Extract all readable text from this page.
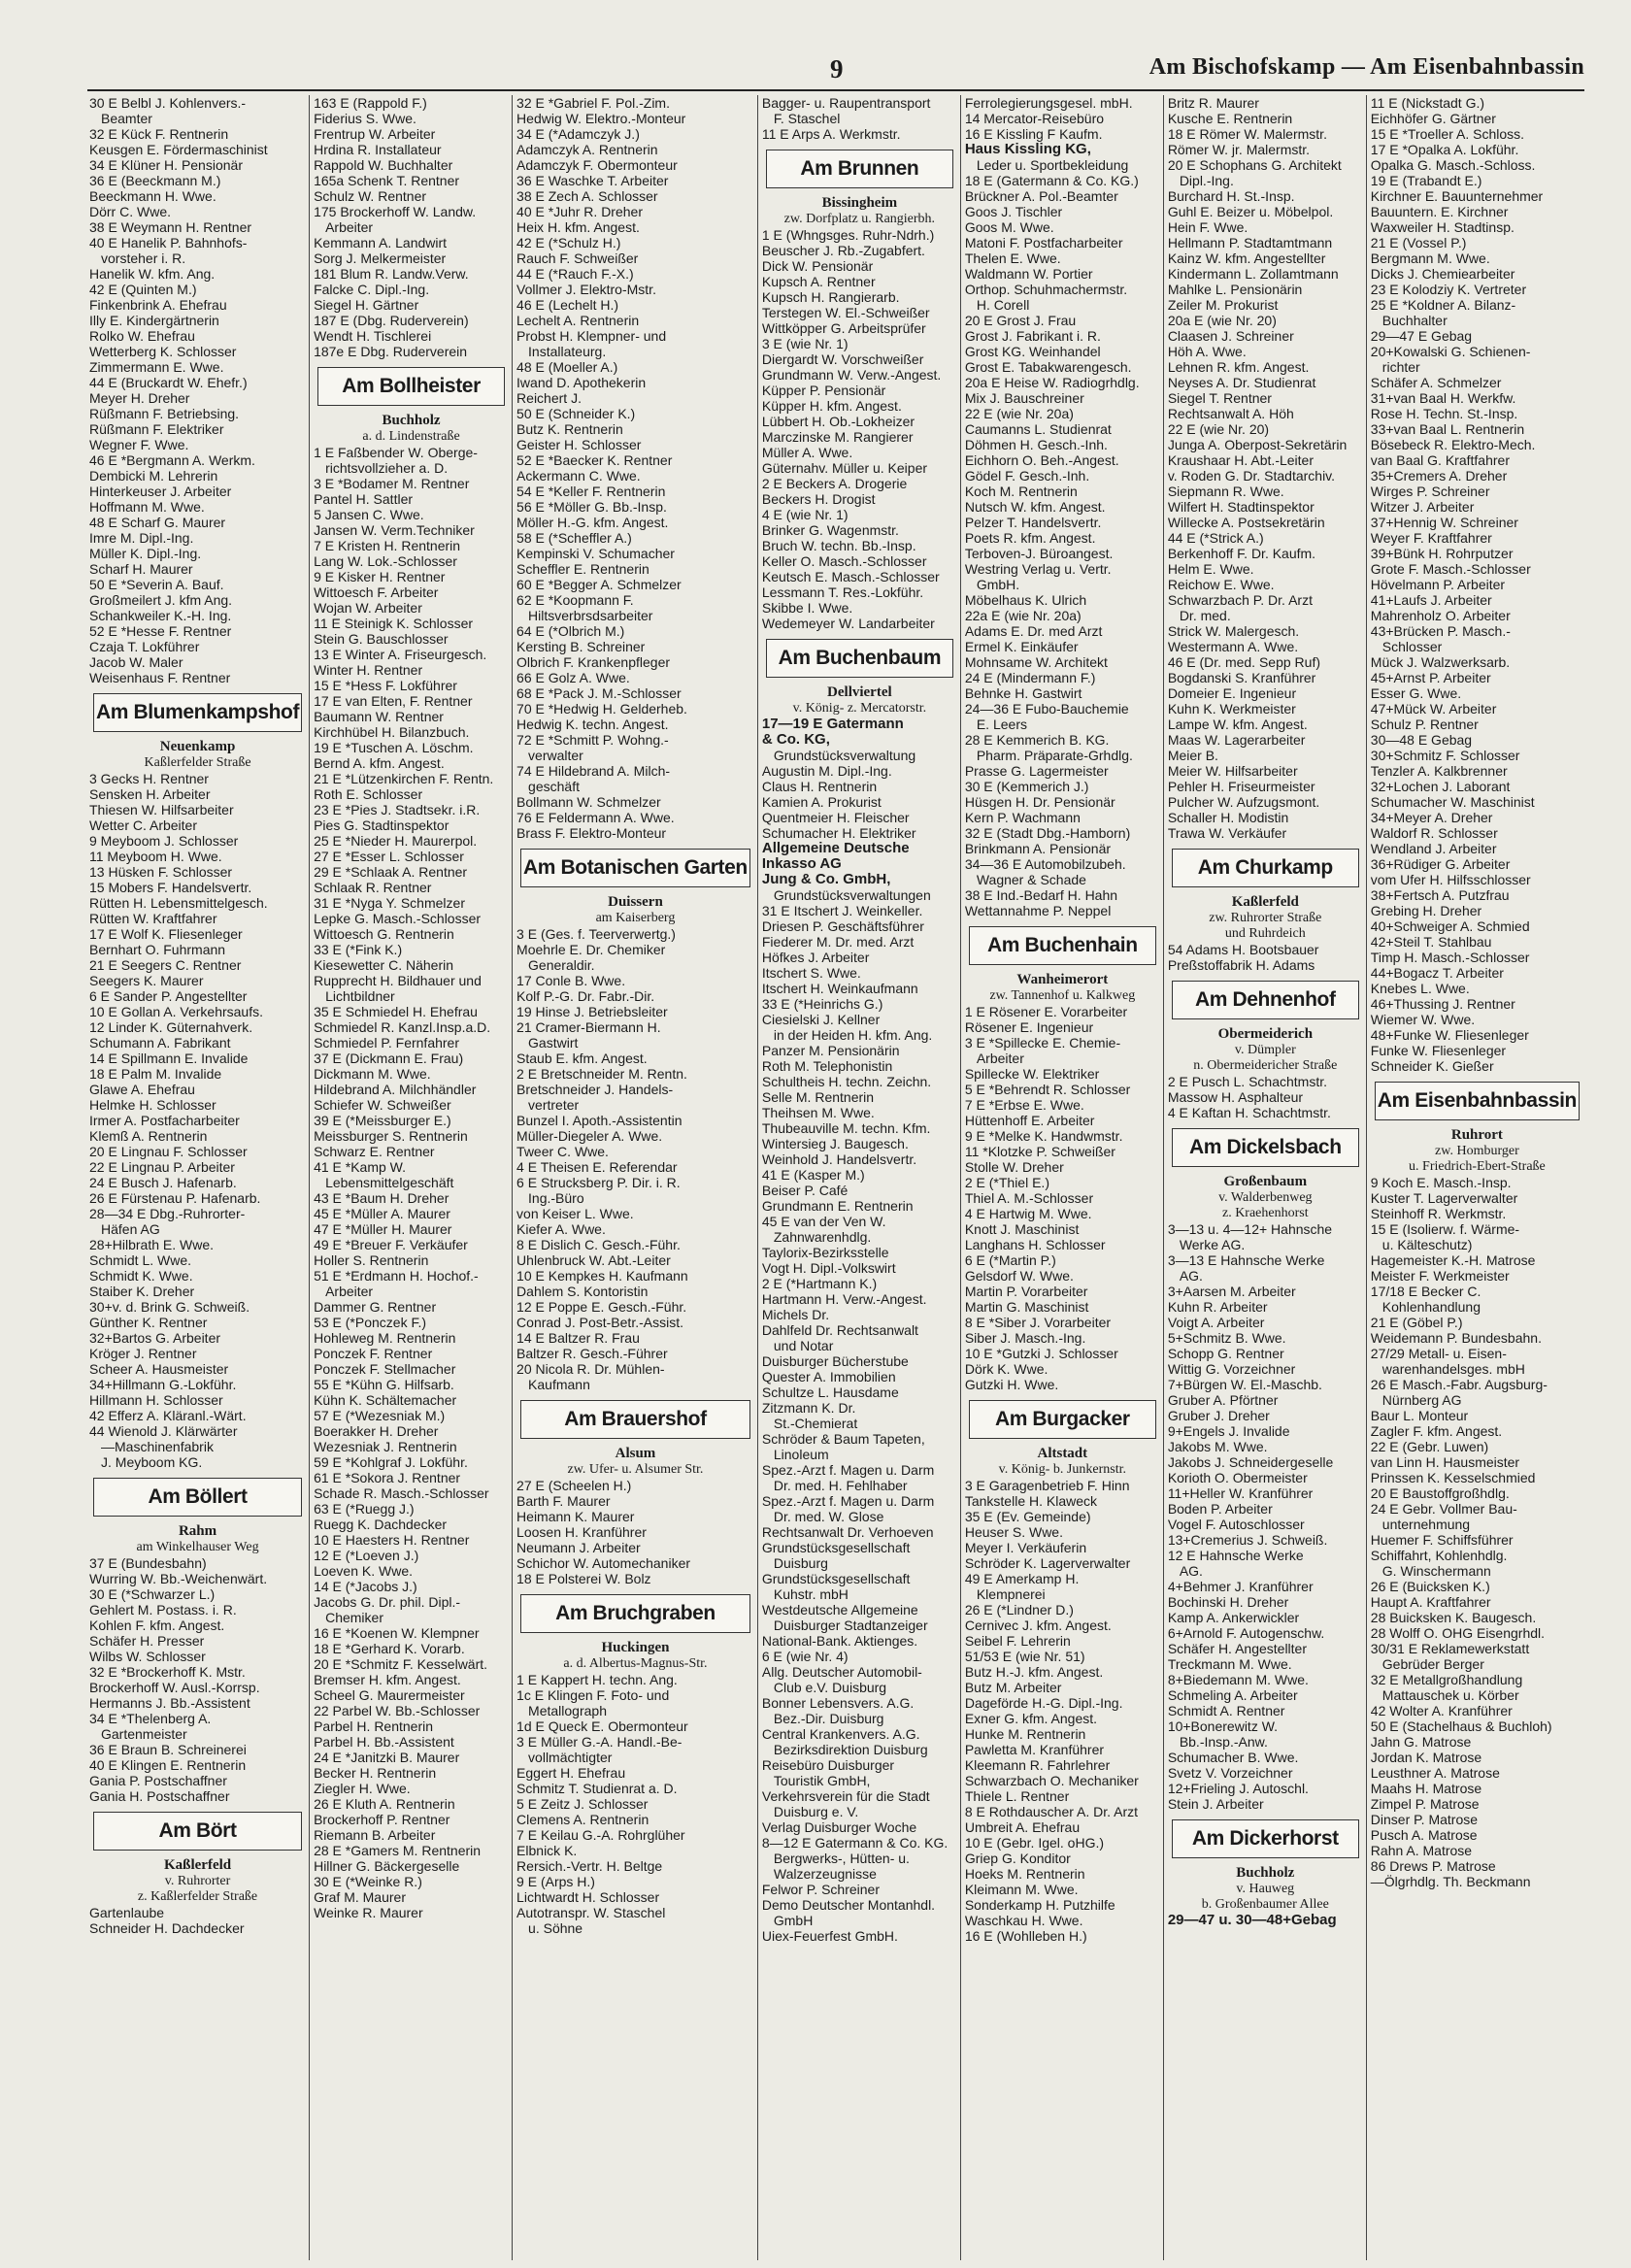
9	Am Bischofskamp — Am Eisenbahnbassin
30 E Belbl J. Kohlenvers.-
Beamter
32 E Kück F. Rentnerin
Keusgen E. Fördermaschinist
34 E Klüner H. Pensionär
36 E (Beeckmann M.)
Beeckmann H. Wwe.
Dörr C. Wwe.
38 E Weymann H. Rentner
40 E Hanelik P. Bahnhofs-
vorsteher i. R.
Hanelik W. kfm. Ang.
42 E (Quinten M.)
Finkenbrink A. Ehefrau
Illy E. Kindergärtnerin
Rolko W. Ehefrau
Wetterberg K. Schlosser
Zimmermann E. Wwe.
44 E (Bruckardt W. Ehefr.)
Meyer H. Dreher
Rüßmann F. Betriebsing.
Rüßmann F. Elektriker
Wegner F. Wwe.
46 E *Bergmann A. Werkm.
Dembicki M. Lehrerin
Hinterkeuser J. Arbeiter
Hoffmann M. Wwe.
48 E Scharf G. Maurer
Imre M. Dipl.-Ing.
Müller K. Dipl.-Ing.
Scharf H. Maurer
50 E *Severin A. Bauf.
Großmeilert J. kfm Ang.
Schankweiler K.-H. Ing.
52 E *Hesse F. Rentner
Czaja T. Lokführer
Jacob W. Maler
Weisenhaus F. Rentner
Am Blumenkampshof
Neuenkamp
Kaßlerfelder Straße
3 Gecks H. Rentner
Sensken H. Arbeiter
Thiesen W. Hilfsarbeiter
Wetter C. Arbeiter
9 Meyboom J. Schlosser
11 Meyboom H. Wwe.
13 Hüsken F. Schlosser
15 Mobers F. Handelsvertr.
Rütten H. Lebensmittelgesch.
Rütten W. Kraftfahrer
17 E Wolf K. Fliesenleger
Bernhart O. Fuhrmann
21 E Seegers C. Rentner
Seegers K. Maurer
6 E Sander P. Angestellter
10 E Gollan A. Verkehrsaufs.
12 Linder K. Güternahverk.
Schumann A. Fabrikant
14 E Spillmann E. Invalide
18 E Palm M. Invalide
Glawe A. Ehefrau
Helmke H. Schlosser
Irmer A. Postfacharbeiter
Klemß A. Rentnerin
20 E Lingnau F. Schlosser
22 E Lingnau P. Arbeiter
24 E Busch J. Hafenarb.
26 E Fürstenau P. Hafenarb.
28—34 E Dbg.-Ruhrorter-
Häfen AG
28+Hilbrath E. Wwe.
Schmidt L. Wwe.
Schmidt K. Wwe.
Staiber K. Dreher
30+v. d. Brink G. Schweiß.
Günther K. Rentner
32+Bartos G. Arbeiter
Kröger J. Rentner
Scheer A. Hausmeister
34+Hillmann G.-Lokführ.
Hillmann H. Schlosser
42 Efferz A. Kläranl.-Wärt.
44 Wienold J. Klärwärter
—Maschinenfabrik
J. Meyboom KG.
Am Böllert
Rahm
am Winkelhauser Weg
37 E (Bundesbahn)
Wurring W. Bb.-Weichenwärt.
30 E (*Schwarzer L.)
Gehlert M. Postass. i. R.
Kohlen F. kfm. Angest.
Schäfer H. Presser
Wilbs W. Schlosser
32 E *Brockerhoff K. Mstr.
Brockerhoff W. Ausl.-Korrsp.
Hermanns J. Bb.-Assistent
34 E *Thelenberg A.
Gartenmeister
36 E Braun B. Schreinerei
40 E Klingen E. Rentnerin
Gania P. Postschaffner
Gania H. Postschaffner
Am Bört
Kaßlerfeld
v. Ruhrorter
z. Kaßlerfelder Straße
Gartenlaube
Schneider H. Dachdecker
163 E (Rappold F.)
Fiderius S. Wwe.
Frentrup W. Arbeiter
Hrdina R. Installateur
Rappold W. Buchhalter
165a Schenk T. Rentner
Schulz W. Rentner
175 Brockerhoff W. Landw.
Arbeiter
Kemmann A. Landwirt
Sorg J. Melkermeister
181 Blum R. Landw.Verw.
Falcke C. Dipl.-Ing.
Siegel H. Gärtner
187 E (Dbg. Ruderverein)
Wendt H. Tischlerei
187e E Dbg. Ruderverein
Am Bollheister
Buchholz
a. d. Lindenstraße
1 E Faßbender W. Oberge-
richtsvollzieher a. D.
3 E *Bodamer M. Rentner
Pantel H. Sattler
5 Jansen C. Wwe.
Jansen W. Verm.Techniker
7 E Kristen H. Rentnerin
Lang W. Lok.-Schlosser
9 E Kisker H. Rentner
Wittoesch F. Arbeiter
Wojan W. Arbeiter
11 E Steinigk K. Schlosser
Stein G. Bauschlosser
13 E Winter A. Friseurgesch.
Winter H. Rentner
15 E *Hess F. Lokführer
17 E van Elten, F. Rentner
Baumann W. Rentner
Kirchhübel H. Bilanzbuch.
19 E *Tuschen A. Löschm.
Bernd A. kfm. Angest.
21 E *Lützenkirchen F. Rentn.
Roth E. Schlosser
23 E *Pies J. Stadtsekr. i.R.
Pies G. Stadtinspektor
25 E *Nieder H. Maurerpol.
27 E *Esser L. Schlosser
29 E *Schlaak A. Rentner
Schlaak R. Rentner
31 E *Nyga Y. Schmelzer
Lepke G. Masch.-Schlosser
Wittoesch G. Rentnerin
33 E (*Fink K.)
Kiesewetter C. Näherin
Rupprecht H. Bildhauer und
Lichtbildner
35 E Schmiedel H. Ehefrau
Schmiedel R. Kanzl.Insp.a.D.
Schmiedel P. Fernfahrer
37 E (Dickmann E. Frau)
Dickmann M. Wwe.
Hildebrand A. Milchhändler
Schiefer W. Schweißer
39 E (*Meissburger E.)
Meissburger S. Rentnerin
Schwarz E. Rentner
41 E *Kamp W.
Lebensmittelgeschäft
43 E *Baum H. Dreher
45 E *Müller A. Maurer
47 E *Müller H. Maurer
49 E *Breuer F. Verkäufer
Holler S. Rentnerin
51 E *Erdmann H. Hochof.-
Arbeiter
Dammer G. Rentner
53 E (*Ponczek F.)
Hohleweg M. Rentnerin
Ponczek F. Rentner
Ponczek F. Stellmacher
55 E *Kühn G. Hilfsarb.
Kühn K. Schältemacher
57 E (*Wezesniak M.)
Boerakker H. Dreher
Wezesniak J. Rentnerin
59 E *Kohlgraf J. Lokführ.
61 E *Sokora J. Rentner
Schade R. Masch.-Schlosser
63 E (*Ruegg J.)
Ruegg K. Dachdecker
10 E Haesters H. Rentner
12 E (*Loeven J.)
Loeven K. Wwe.
14 E (*Jacobs J.)
Jacobs G. Dr. phil. Dipl.-
Chemiker
16 E *Koenen W. Klempner
18 E *Gerhard K. Vorarb.
20 E *Schmitz F. Kesselwärt.
Bremser H. kfm. Angest.
Scheel G. Maurermeister
22 Parbel W. Bb.-Schlosser
Parbel H. Rentnerin
Parbel H. Bb.-Assistent
24 E *Janitzki B. Maurer
Becker H. Rentnerin
Ziegler H. Wwe.
26 E Kluth A. Rentnerin
Brockerhoff P. Rentner
Riemann B. Arbeiter
28 E *Gamers M. Rentnerin
Hillner G. Bäckergeselle
30 E (*Weinke R.)
Graf M. Maurer
Weinke R. Maurer
32 E *Gabriel F. Pol.-Zim.
Hedwig W. Elektro.-Monteur
34 E (*Adamczyk J.)
Adamczyk A. Rentnerin
Adamczyk F. Obermonteur
36 E Waschke T. Arbeiter
38 E Zech A. Schlosser
40 E *Juhr R. Dreher
Heix H. kfm. Angest.
42 E (*Schulz H.)
Rauch F. Schweißer
44 E (*Rauch F.-X.)
Vollmer J. Elektro-Mstr.
46 E (Lechelt H.)
Lechelt A. Rentnerin
Probst H. Klempner- und
Installateurg.
48 E (Moeller A.)
Iwand D. Apothekerin
Reichert J.
50 E (Schneider K.)
Butz K. Rentnerin
Geister H. Schlosser
52 E *Baecker K. Rentner
Ackermann C. Wwe.
54 E *Keller F. Rentnerin
56 E *Möller G. Bb.-Insp.
Möller H.-G. kfm. Angest.
58 E (*Scheffler A.)
Kempinski V. Schumacher
Scheffler E. Rentnerin
60 E *Begger A. Schmelzer
62 E *Koopmann F.
Hiltsverbrsdsarbeiter
64 E (*Olbrich M.)
Kersting B. Schreiner
Olbrich F. Krankenpfleger
66 E Golz A. Wwe.
68 E *Pack J. M.-Schlosser
70 E *Hedwig H. Gelderheb.
Hedwig K. techn. Angest.
72 E *Schmitt P. Wohng.-
verwalter
74 E Hildebrand A. Milch-
geschäft
Bollmann W. Schmelzer
76 E Feldermann A. Wwe.
Brass F. Elektro-Monteur
Am Botanischen Garten
Duissern
am Kaiserberg
3 E (Ges. f. Teerverwertg.)
Moehrle E. Dr. Chemiker
Generaldir.
17 Conle B. Wwe.
Kolf P.-G. Dr. Fabr.-Dir.
19 Hinse J. Betriebsleiter
21 Cramer-Biermann H.
Gastwirt
Staub E. kfm. Angest.
2 E Bretschneider M. Rentn.
Bretschneider J. Handels-
vertreter
Bunzel I. Apoth.-Assistentin
Müller-Diegeler A. Wwe.
Tweer C. Wwe.
4 E Theisen E. Referendar
6 E Strucksberg P. Dir. i. R.
Ing.-Büro
von Keiser L. Wwe.
Kiefer A. Wwe.
8 E Dislich C. Gesch.-Führ.
Uhlenbruck W. Abt.-Leiter
10 E Kempkes H. Kaufmann
Dahlem S. Kontoristin
12 E Poppe E. Gesch.-Führ.
Conrad J. Post-Betr.-Assist.
14 E Baltzer R. Frau
Baltzer R. Gesch.-Führer
20 Nicola R. Dr. Mühlen-
Kaufmann
Am Brauershof
Alsum
zw. Ufer- u. Alsumer Str.
27 E (Scheelen H.)
Barth F. Maurer
Heimann K. Maurer
Loosen H. Kranführer
Neumann J. Arbeiter
Schichor W. Automechaniker
18 E Polsterei W. Bolz
Am Bruchgraben
Huckingen
a. d. Albertus-Magnus-Str.
1 E Kappert H. techn. Ang.
1c E Klingen F. Foto- und
Metallograph
1d E Queck E. Obermonteur
3 E Müller G.-A. Handl.-Be-
vollmächtigter
Eggert H. Ehefrau
Schmitz T. Studienrat a. D.
5 E Zeitz J. Schlosser
Clemens A. Rentnerin
7 E Keilau G.-A. Rohrglüher
Elbnick K.
Rersich.-Vertr. H. Beltge
9 E (Arps H.)
Lichtwardt H. Schlosser
Autotranspr. W. Staschel
u. Söhne
Bagger- u. Raupentransport
F. Staschel
11 E Arps A. Werkmstr.
Am Brunnen
Bissingheim
zw. Dorfplatz u. Rangierbh.
1 E (Whngsges. Ruhr-Ndrh.)
Beuscher J. Rb.-Zugabfert.
Dick W. Pensionär
Kupsch A. Rentner
Kupsch H. Rangierarb.
Terstegen W. El.-Schweißer
Wittköpper G. Arbeitsprüfer
3 E (wie Nr. 1)
Diergardt W. Vorschweißer
Grundmann W. Verw.-Angest.
Küpper P. Pensionär
Küpper H. kfm. Angest.
Lübbert H. Ob.-Lokheizer
Marczinske M. Rangierer
Müller A. Wwe.
Güternahv. Müller u. Keiper
2 E Beckers A. Drogerie
Beckers H. Drogist
4 E (wie Nr. 1)
Brinker G. Wagenmstr.
Bruch W. techn. Bb.-Insp.
Keller O. Masch.-Schlosser
Keutsch E. Masch.-Schlosser
Lessmann T. Res.-Lokführ.
Skibbe I. Wwe.
Wedemeyer W. Landarbeiter
Am Buchenbaum
Dellviertel
v. König- z. Mercatorstr.
17—19 E Gatermann
& Co. KG,
Grundstücksverwaltung
Augustin M. Dipl.-Ing.
Claus H. Rentnerin
Kamien A. Prokurist
Quentmeier H. Fleischer
Schumacher H. Elektriker
Allgemeine Deutsche
Inkasso AG
Jung & Co. GmbH,
Grundstücksverwaltungen
31 E Itschert J. Weinkeller.
Driesen P. Geschäftsführer
Fiederer M. Dr. med. Arzt
Höfkes J. Arbeiter
Itschert S. Wwe.
Itschert H. Weinkaufmann
33 E (*Heinrichs G.)
Ciesielski J. Kellner
in der Heiden H. kfm. Ang.
Panzer M. Pensionärin
Roth M. Telephonistin
Schultheis H. techn. Zeichn.
Selle M. Rentnerin
Theihsen M. Wwe.
Thubeauville M. techn. Kfm.
Wintersieg J. Baugesch.
Weinhold J. Handelsvertr.
41 E (Kasper M.)
Beiser P. Café
Grundmann E. Rentnerin
45 E van der Ven W.
Zahnwarenhdlg.
Taylorix-Bezirksstelle
Vogt H. Dipl.-Volkswirt
2 E (*Hartmann K.)
Hartmann H. Verw.-Angest.
Michels Dr.
Dahlfeld Dr. Rechtsanwalt
und Notar
Duisburger Bücherstube
Quester A. Immobilien
Schultze L. Hausdame
Zitzmann K. Dr.
St.-Chemierat
Schröder & Baum Tapeten,
Linoleum
Spez.-Arzt f. Magen u. Darm
Dr. med. H. Fehlhaber
Spez.-Arzt f. Magen u. Darm
Dr. med. W. Glose
Rechtsanwalt Dr. Verhoeven
Grundstücksgesellschaft
Duisburg
Grundstücksgesellschaft
Kuhstr. mbH
Westdeutsche Allgemeine
Duisburger Stadtanzeiger
National-Bank. Aktienges.
6 E (wie Nr. 4)
Allg. Deutscher Automobil-
Club e.V. Duisburg
Bonner Lebensvers. A.G.
Bez.-Dir. Duisburg
Central Krankenvers. A.G.
Bezirksdirektion Duisburg
Reisebüro Duisburger
Touristik GmbH,
Verkehrsverein für die Stadt
Duisburg e. V.
Verlag Duisburger Woche
8—12 E Gatermann & Co. KG.
Bergwerks-, Hütten- u.
Walzerzeugnisse
Felwor P. Schreiner
Demo Deutscher Montanhdl.
GmbH
Uiex-Feuerfest GmbH.
Ferrolegierungsgesel. mbH.
14 Mercator-Reisebüro
16 E Kissling F Kaufm.
Haus Kissling KG,
Leder u. Sportbekleidung
18 E (Gatermann & Co. KG.)
Brückner A. Pol.-Beamter
Goos J. Tischler
Goos M. Wwe.
Matoni F. Postfacharbeiter
Thelen E. Wwe.
Waldmann W. Portier
Orthop. Schuhmachermstr.
H. Corell
20 E Grost J. Frau
Grost J. Fabrikant i. R.
Grost KG. Weinhandel
Grost E. Tabakwarengesch.
20a E Heise W. Radiogrhdlg.
Mix J. Bauschreiner
22 E (wie Nr. 20a)
Caumanns L. Studienrat
Döhmen H. Gesch.-Inh.
Eichhorn O. Beh.-Angest.
Gödel F. Gesch.-Inh.
Koch M. Rentnerin
Nutsch W. kfm. Angest.
Pelzer T. Handelsvertr.
Poets R. kfm. Angest.
Terboven-J. Büroangest.
Westring Verlag u. Vertr.
GmbH.
Möbelhaus K. Ulrich
22a E (wie Nr. 20a)
Adams E. Dr. med Arzt
Ermel K. Einkäufer
Mohnsame W. Architekt
24 E (Mindermann F.)
Behnke H. Gastwirt
24—36 E Fubo-Bauchemie
E. Leers
28 E Kemmerich B. KG.
Pharm. Präparate-Grhdlg.
Prasse G. Lagermeister
30 E (Kemmerich J.)
Hüsgen H. Dr. Pensionär
Kern P. Wachmann
32 E (Stadt Dbg.-Hamborn)
Brinkmann A. Pensionär
34—36 E Automobilzubeh.
Wagner & Schade
38 E Ind.-Bedarf H. Hahn
Wettannahme P. Neppel
Am Buchenhain
Wanheimerort
zw. Tannenhof u. Kalkweg
1 E Rösener E. Vorarbeiter
Rösener E. Ingenieur
3 E *Spillecke E. Chemie-
Arbeiter
Spillecke W. Elektriker
5 E *Behrendt R. Schlosser
7 E *Erbse E. Wwe.
Hüttenhoff E. Arbeiter
9 E *Melke K. Handwmstr.
11 *Klotzke P. Schweißer
Stolle W. Dreher
2 E (*Thiel E.)
Thiel A. M.-Schlosser
4 E Hartwig M. Wwe.
Knott J. Maschinist
Langhans H. Schlosser
6 E (*Martin P.)
Gelsdorf W. Wwe.
Martin P. Vorarbeiter
Martin G. Maschinist
8 E *Siber J. Vorarbeiter
Siber J. Masch.-Ing.
10 E *Gutzki J. Schlosser
Dörk K. Wwe.
Gutzki H. Wwe.
Am Burgacker
Altstadt
v. König- b. Junkernstr.
3 E Garagenbetrieb F. Hinn
Tankstelle H. Klaweck
35 E (Ev. Gemeinde)
Heuser S. Wwe.
Meyer I. Verkäuferin
Schröder K. Lagerverwalter
49 E Amerkamp H.
Klempnerei
26 E (*Lindner D.)
Cernivec J. kfm. Angest.
Seibel F. Lehrerin
51/53 E (wie Nr. 51)
Butz H.-J. kfm. Angest.
Butz M. Arbeiter
Dageförde H.-G. Dipl.-Ing.
Exner G. kfm. Angest.
Hunke M. Rentnerin
Pawletta M. Kranführer
Kleemann R. Fahrlehrer
Schwarzbach O. Mechaniker
Thiele L. Rentner
8 E Rothdauscher A. Dr. Arzt
Umbreit A. Ehefrau
10 E (Gebr. Igel. oHG.)
Griep G. Konditor
Hoeks M. Rentnerin
Kleimann M. Wwe.
Sonderkamp H. Putzhilfe
Waschkau H. Wwe.
16 E (Wohlleben H.)
Britz R. Maurer
Kusche E. Rentnerin
18 E Römer W. Malermstr.
Römer W. jr. Malermstr.
20 E Schophans G. Architekt
Dipl.-Ing.
Burchard H. St.-Insp.
Guhl E. Beizer u. Möbelpol.
Hein F. Wwe.
Hellmann P. Stadtamtmann
Kainz W. kfm. Angestellter
Kindermann L. Zollamtmann
Mahlke L. Pensionärin
Zeiler M. Prokurist
20a E (wie Nr. 20)
Claasen J. Schreiner
Höh A. Wwe.
Lehnen R. kfm. Angest.
Neyses A. Dr. Studienrat
Siegel T. Rentner
Rechtsanwalt A. Höh
22 E (wie Nr. 20)
Junga A. Oberpost-Sekretärin
Kraushaar H. Abt.-Leiter
v. Roden G. Dr. Stadtarchiv.
Siepmann R. Wwe.
Wilfert H. Stadtinspektor
Willecke A. Postsekretärin
44 E (*Strick A.)
Berkenhoff F. Dr. Kaufm.
Helm E. Wwe.
Reichow E. Wwe.
Schwarzbach P. Dr. Arzt
Dr. med.
Strick W. Malergesch.
Westermann A. Wwe.
46 E (Dr. med. Sepp Ruf)
Bogdanski S. Kranführer
Domeier E. Ingenieur
Kuhn K. Werkmeister
Lampe W. kfm. Angest.
Maas W. Lagerarbeiter
Meier B.
Meier W. Hilfsarbeiter
Pehler H. Friseurmeister
Pulcher W. Aufzugsmont.
Schaller H. Modistin
Trawa W. Verkäufer
Am Churkamp
Kaßlerfeld
zw. Ruhrorter Straße
und Ruhrdeich
54 Adams H. Bootsbauer
Preßstoffabrik H. Adams
Am Dehnenhof
Obermeiderich
v. Dümpler
n. Obermeidericher Straße
2 E Pusch L. Schachtmstr.
Massow H. Asphalteur
4 E Kaftan H. Schachtmstr.
Am Dickelsbach
Großenbaum
v. Walderbenweg
z. Kraehenhorst
3—13 u. 4—12+ Hahnsche
Werke AG.
3—13 E Hahnsche Werke
AG.
3+Aarsen M. Arbeiter
Kuhn R. Arbeiter
Voigt A. Arbeiter
5+Schmitz B. Wwe.
Schopp G. Rentner
Wittig G. Vorzeichner
7+Bürgen W. El.-Maschb.
Gruber A. Pförtner
Gruber J. Dreher
9+Engels J. Invalide
Jakobs M. Wwe.
Jakobs J. Schneidergeselle
Korioth O. Obermeister
11+Heller W. Kranführer
Boden P. Arbeiter
Vogel F. Autoschlosser
13+Cremerius J. Schweiß.
12 E Hahnsche Werke
AG.
4+Behmer J. Kranführer
Bochinski H. Dreher
Kamp A. Ankerwickler
6+Arnold F. Autogenschw.
Schäfer H. Angestellter
Treckmann M. Wwe.
8+Biedemann M. Wwe.
Schmeling A. Arbeiter
Schmidt A. Rentner
10+Bonerewitz W.
Bb.-Insp.-Anw.
Schumacher B. Wwe.
Svetz V. Vorzeichner
12+Frieling J. Autoschl.
Stein J. Arbeiter
Am Dickerhorst
Buchholz
v. Hauweg
b. Großenbaumer Allee
29—47 u. 30—48+Gebag
11 E (Nickstadt G.)
Eichhöfer G. Gärtner
15 E *Troeller A. Schloss.
17 E *Opalka A. Lokführ.
Opalka G. Masch.-Schloss.
19 E (Trabandt E.)
Kirchner E. Bauunternehmer
Bauuntern. E. Kirchner
Waxweiler H. Stadtinsp.
21 E (Vossel P.)
Bergmann M. Wwe.
Dicks J. Chemiearbeiter
23 E Kolodziy K. Vertreter
25 E *Koldner A. Bilanz-
Buchhalter
29—47 E Gebag
20+Kowalski G. Schienen-
richter
Schäfer A. Schmelzer
31+van Baal H. Werkfw.
Rose H. Techn. St.-Insp.
33+van Baal L. Rentnerin
Bösebeck R. Elektro-Mech.
van Baal G. Kraftfahrer
35+Cremers A. Dreher
Wirges P. Schreiner
Witzer J. Arbeiter
37+Hennig W. Schreiner
Weyer F. Kraftfahrer
39+Bünk H. Rohrputzer
Grote F. Masch.-Schlosser
Hövelmann P. Arbeiter
41+Laufs J. Arbeiter
Mahrenholz O. Arbeiter
43+Brücken P. Masch.-
Schlosser
Mück J. Walzwerksarb.
45+Arnst P. Arbeiter
Esser G. Wwe.
47+Mück W. Arbeiter
Schulz P. Rentner
30—48 E Gebag
30+Schmitz F. Schlosser
Tenzler A. Kalkbrenner
32+Lochen J. Laborant
Schumacher W. Maschinist
34+Meyer A. Dreher
Waldorf R. Schlosser
Wendland J. Arbeiter
36+Rüdiger G. Arbeiter
vom Ufer H. Hilfsschlosser
38+Fertsch A. Putzfrau
Grebing H. Dreher
40+Schweiger A. Schmied
42+Steil T. Stahlbau
Timp H. Masch.-Schlosser
44+Bogacz T. Arbeiter
Knebes L. Wwe.
46+Thussing J. Rentner
Wiemer W. Wwe.
48+Funke W. Fliesenleger
Funke W. Fliesenleger
Schneider K. Gießer
Am Eisenbahnbassin
Ruhrort
zw. Homburger
u. Friedrich-Ebert-Straße
9 Koch E. Masch.-Insp.
Kuster T. Lagerverwalter
Steinhoff R. Werkmstr.
15 E (Isolierw. f. Wärme-
u. Kälteschutz)
Hagemeister K.-H. Matrose
Meister F. Werkmeister
17/18 E Becker C.
Kohlenhandlung
21 E (Göbel P.)
Weidemann P. Bundesbahn.
27/29 Metall- u. Eisen-
warenhandelsges. mbH
26 E Masch.-Fabr. Augsburg-
Nürnberg AG
Baur L. Monteur
Zagler F. kfm. Angest.
22 E (Gebr. Luwen)
van Linn H. Hausmeister
Prinssen K. Kesselschmied
20 E Baustoffgroßhdlg.
24 E Gebr. Vollmer Bau-
unternehmung
Huemer F. Schiffsführer
Schiffahrt, Kohlenhdlg.
G. Winschermann
26 E (Buicksken K.)
Haupt A. Kraftfahrer
28 Buicksken K. Baugesch.
28 Wolff O. OHG Eisengrhdl.
30/31 E Reklamewerkstatt
Gebrüder Berger
32 E Metallgroßhandlung
Mattauschek u. Körber
42 Wolter A. Kranführer
50 E (Stachelhaus & Buchloh)
Jahn G. Matrose
Jordan K. Matrose
Leusthner A. Matrose
Maahs H. Matrose
Zimpel P. Matrose
Dinser P. Matrose
Pusch A. Matrose
Rahn A. Matrose
86 Drews P. Matrose
—Ölgrhdlg. Th. Beckmann
